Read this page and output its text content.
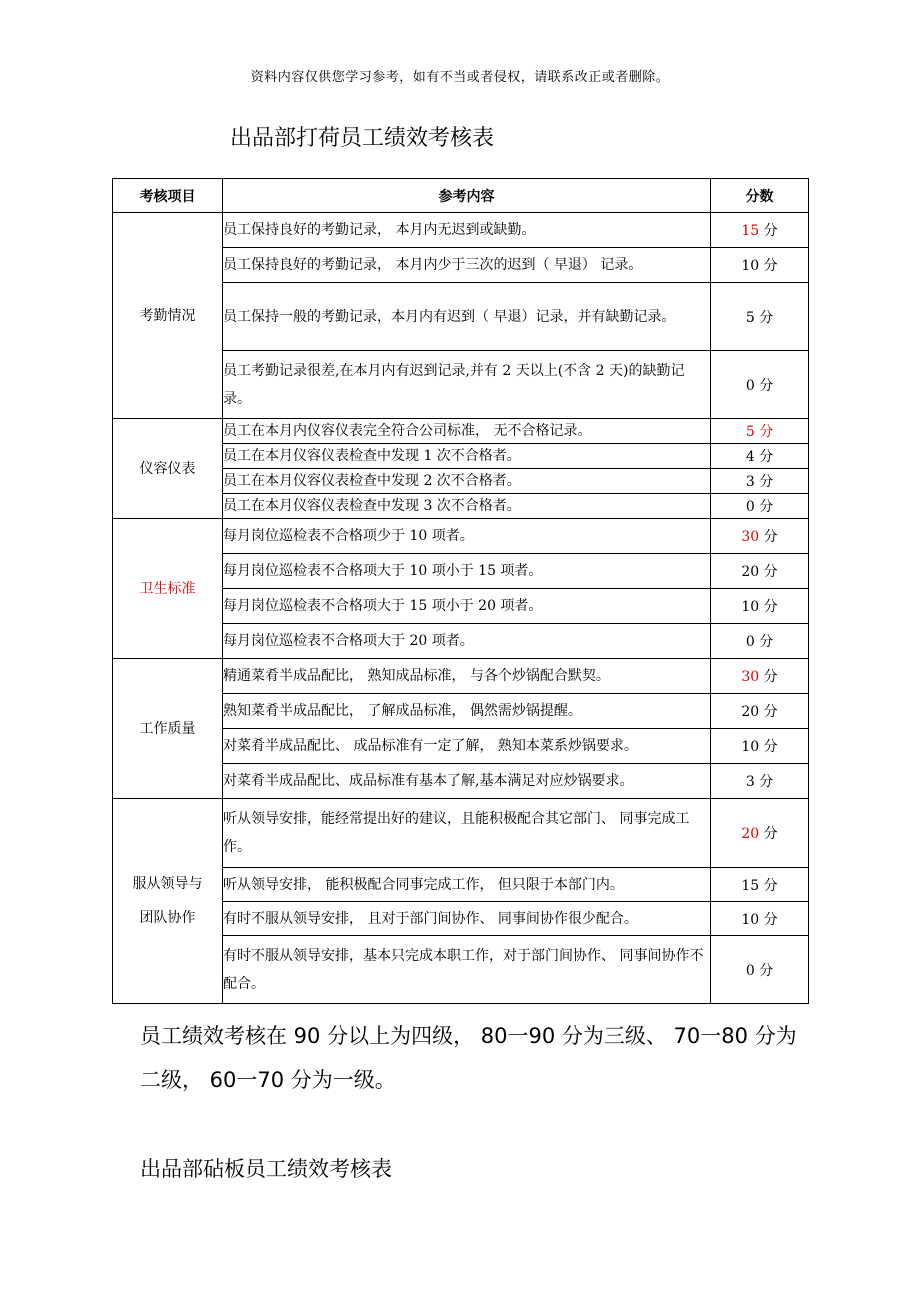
资料内容仅供您学习参考，如有不当或者侵权，请联系改正或者删除。
出品部打荷员工绩效考核表
考核项目	参考内容	分数
考勤情况	员工保持良好的考勤记录， 本月内无迟到或缺勤。	15 分
	员工保持良好的考勤记录， 本月内少于三次的迟到（ 早退） 记录。	10 分
	员工保持一般的考勤记录，本月内有迟到（ 早退）记录，并有缺勤记录。	5 分
	员工考勤记录很差,在本月内有迟到记录,并有 2 天以上(不含 2 天)的缺勤记录。	0 分
仪容仪表	员工在本月内仪容仪表完全符合公司标准， 无不合格记录。	5 分
	员工在本月仪容仪表检查中发现 1 次不合格者。	4 分
	员工在本月仪容仪表检查中发现 2 次不合格者。	3 分
	员工在本月仪容仪表检查中发现 3 次不合格者。	0 分
卫生标准	每月岗位巡检表不合格项少于 10 项者。	30 分
	每月岗位巡检表不合格项大于 10 项小于 15 项者。	20 分
	每月岗位巡检表不合格项大于 15 项小于 20 项者。	10 分
	每月岗位巡检表不合格项大于 20 项者。	0 分
工作质量	精通菜肴半成品配比， 熟知成品标准， 与各个炒锅配合默契。	30 分
	熟知菜肴半成品配比， 了解成品标准， 偶然需炒锅提醒。	20 分
	对菜肴半成品配比、 成品标准有一定了解， 熟知本菜系炒锅要求。	10 分
	对菜肴半成品配比、成品标准有基本了解,基本满足对应炒锅要求。	3 分
服从领导与
团队协作	听从领导安排，能经常提出好的建议，且能积极配合其它部门、 同事完成工作。	20 分
	听从领导安排， 能积极配合同事完成工作， 但只限于本部门内。	15 分
	有时不服从领导安排， 且对于部门间协作、 同事间协作很少配合。	10 分
	有时不服从领导安排，基本只完成本职工作，对于部门间协作、 同事间协作不配合。	0 分
员工绩效考核在 90 分以上为四级， 80一90 分为三级、 70一80 分为二级， 60一70 分为一级。
出品部砧板员工绩效考核表
